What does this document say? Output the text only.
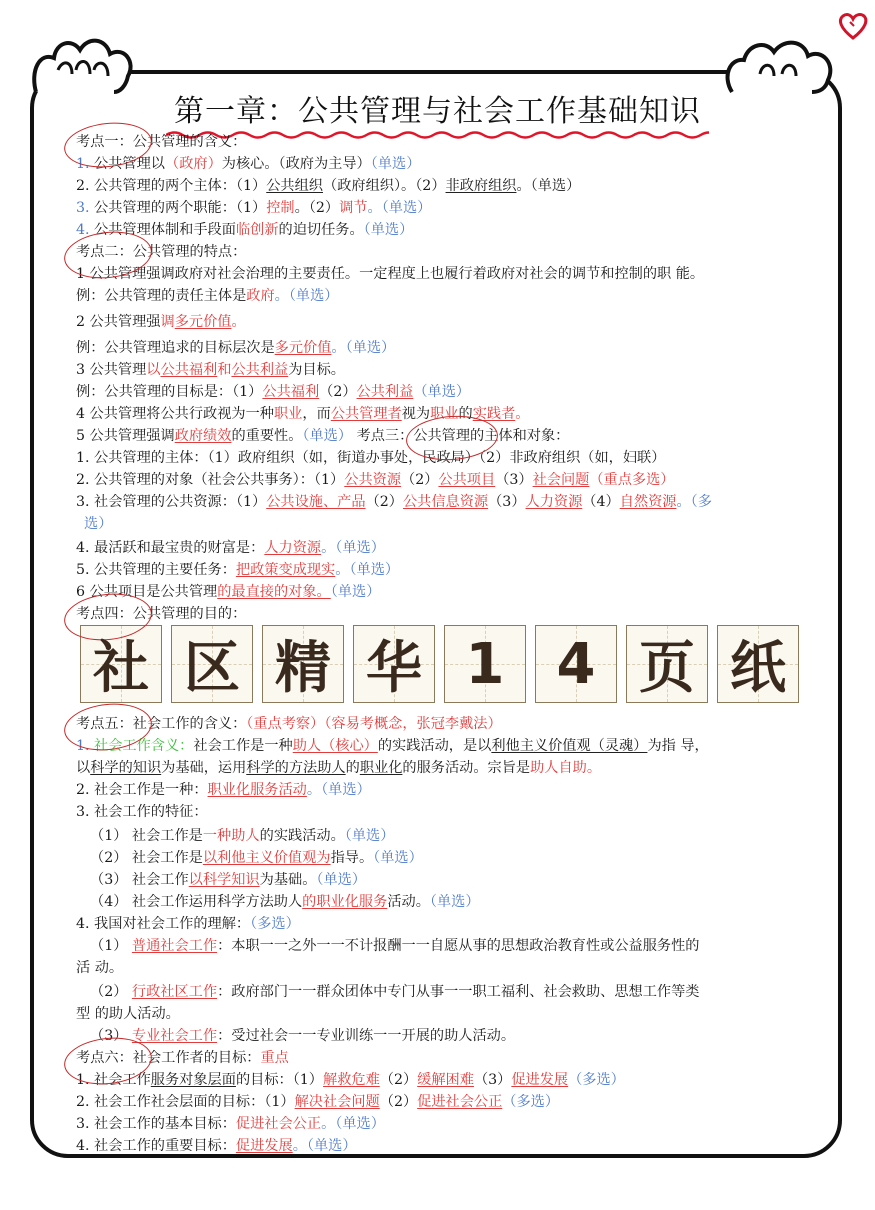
第一章：公共管理与社会工作基础知识
考点一：公共管理的含义：
1. 公共管理以（政府）为核心。（政府为主导）（单选）
2. 公共管理的两个主体：（1）公共组织（政府组织）。（2）非政府组织。（单选）
3. 公共管理的两个职能：（1）控制。（2）调节。（单选）
4. 公共管理体制和手段面临创新的迫切任务。（单选）
考点二：公共管理的特点：
1 公共管理强调政府对社会治理的主要责任。一定程度上也履行着政府对社会的调节和控制的职 能。
例：公共管理的责任主体是政府。（单选）
2 公共管理强调多元价值。
例：公共管理追求的目标层次是多元价值。（单选）
3 公共管理以公共福利和公共利益为目标。
例：公共管理的目标是：（1）公共福利（2）公共利益（单选）
4 公共管理将公共行政视为一种职业，而公共管理者视为职业的实践者。
5 公共管理强调政府绩效的重要性。（单选） 考点三：公共管理的主体和对象：
1. 公共管理的主体：（1）政府组织（如，街道办事处，民政局）（2）非政府组织（如，妇联）
2. 公共管理的对象（社会公共事务）：（1）公共资源（2）公共项目（3）社会问题（重点多选）
3. 社会管理的公共资源：（1）公共设施、产品（2）公共信息资源（3）人力资源（4）自然资源。（多
选）
4. 最活跃和最宝贵的财富是：人力资源。（单选）
5. 公共管理的主要任务：把政策变成现实。（单选）
6 公共项目是公共管理的最直接的对象。（单选）
考点四：公共管理的目的：
考点五：社会工作的含义：（重点考察）（容易考概念，张冠李戴法）
1. 社会工作含义：社会工作是一种助人（核心）的实践活动，是以利他主义价值观（灵魂）为指 导，
以科学的知识为基础，运用科学的方法助人的职业化的服务活动。宗旨是助人自助。
2. 社会工作是一种：职业化服务活动。（单选）
3. 社会工作的特征：
（1） 社会工作是一种助人的实践活动。（单选）
（2） 社会工作是以利他主义价值观为指导。（单选）
（3） 社会工作以科学知识为基础。（单选）
（4） 社会工作运用科学方法助人的职业化服务活动。（单选）
4. 我国对社会工作的理解：（多选）
（1） 普通社会工作：本职一一之外一一不计报酬一一自愿从事的思想政治教育性或公益服务性的
活 动。
（2） 行政社区工作：政府部门一一群众团体中专门从事一一职工福利、社会救助、思想工作等类
型 的助人活动。
（3） 专业社会工作：受过社会一一专业训练一一开展的助人活动。
考点六：社会工作者的目标：重点
1. 社会工作服务对象层面的目标：（1）解救危难（2）缓解困难（3）促进发展（多选）
2. 社会工作社会层面的目标：（1）解决社会问题（2）促进社会公正（多选）
3. 社会工作的基本目标：促进社会公正。（单选）
4. 社会工作的重要目标：促进发展。（单选）
社 区 精 华 1 4 页 纸
